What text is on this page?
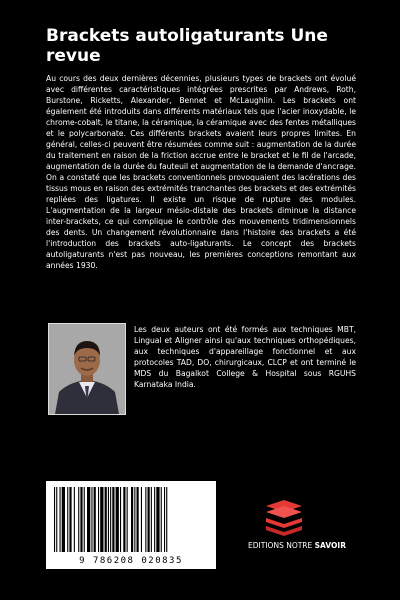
Brackets autoligaturants Une revue

Au cours des deux dernières décennies, plusieurs types de brackets ont évolué avec différentes caractéristiques intégrées prescrites par Andrews, Roth, Burstone, Ricketts, Alexander, Bennet et McLaughlin. Les brackets ont également été introduits dans différents matériaux tels que l'acier inoxydable, le chrome-cobalt, le titane, la céramique, la céramique avec des fentes métalliques et le polycarbonate. Ces différents brackets avaient leurs propres limites. En général, celles-ci peuvent être résumées comme suit : augmentation de la durée du traitement en raison de la friction accrue entre le bracket et le fil de l'arcade, augmentation de la durée du fauteuil et augmentation de la demande d'ancrage. On a constaté que les brackets conventionnels provoquaient des lacérations des tissus mous en raison des extrémités tranchantes des brackets et des extrémités repliées des ligatures. Il existe un risque de rupture des modules. L'augmentation de la largeur mésio-distale des brackets diminue la distance inter-brackets, ce qui complique le contrôle des mouvements tridimensionnels des dents. Un changement révolutionnaire dans l'histoire des brackets a été l'introduction des brackets auto-ligaturants. Le concept des brackets autoligaturants n'est pas nouveau, les premières conceptions remontant aux années 1930.

Les deux auteurs ont été formés aux techniques MBT, Lingual et Aligner ainsi qu'aux techniques orthopédiques, aux techniques d'appareillage fonctionnel et aux protocoles TAD, DO, chirurgicaux, CLCP et ont terminé le MDS du Bagalkot College & Hospital sous RGUHS Karnataka India.

9 786208 020835

EDITIONS NOTRE SAVOIR
